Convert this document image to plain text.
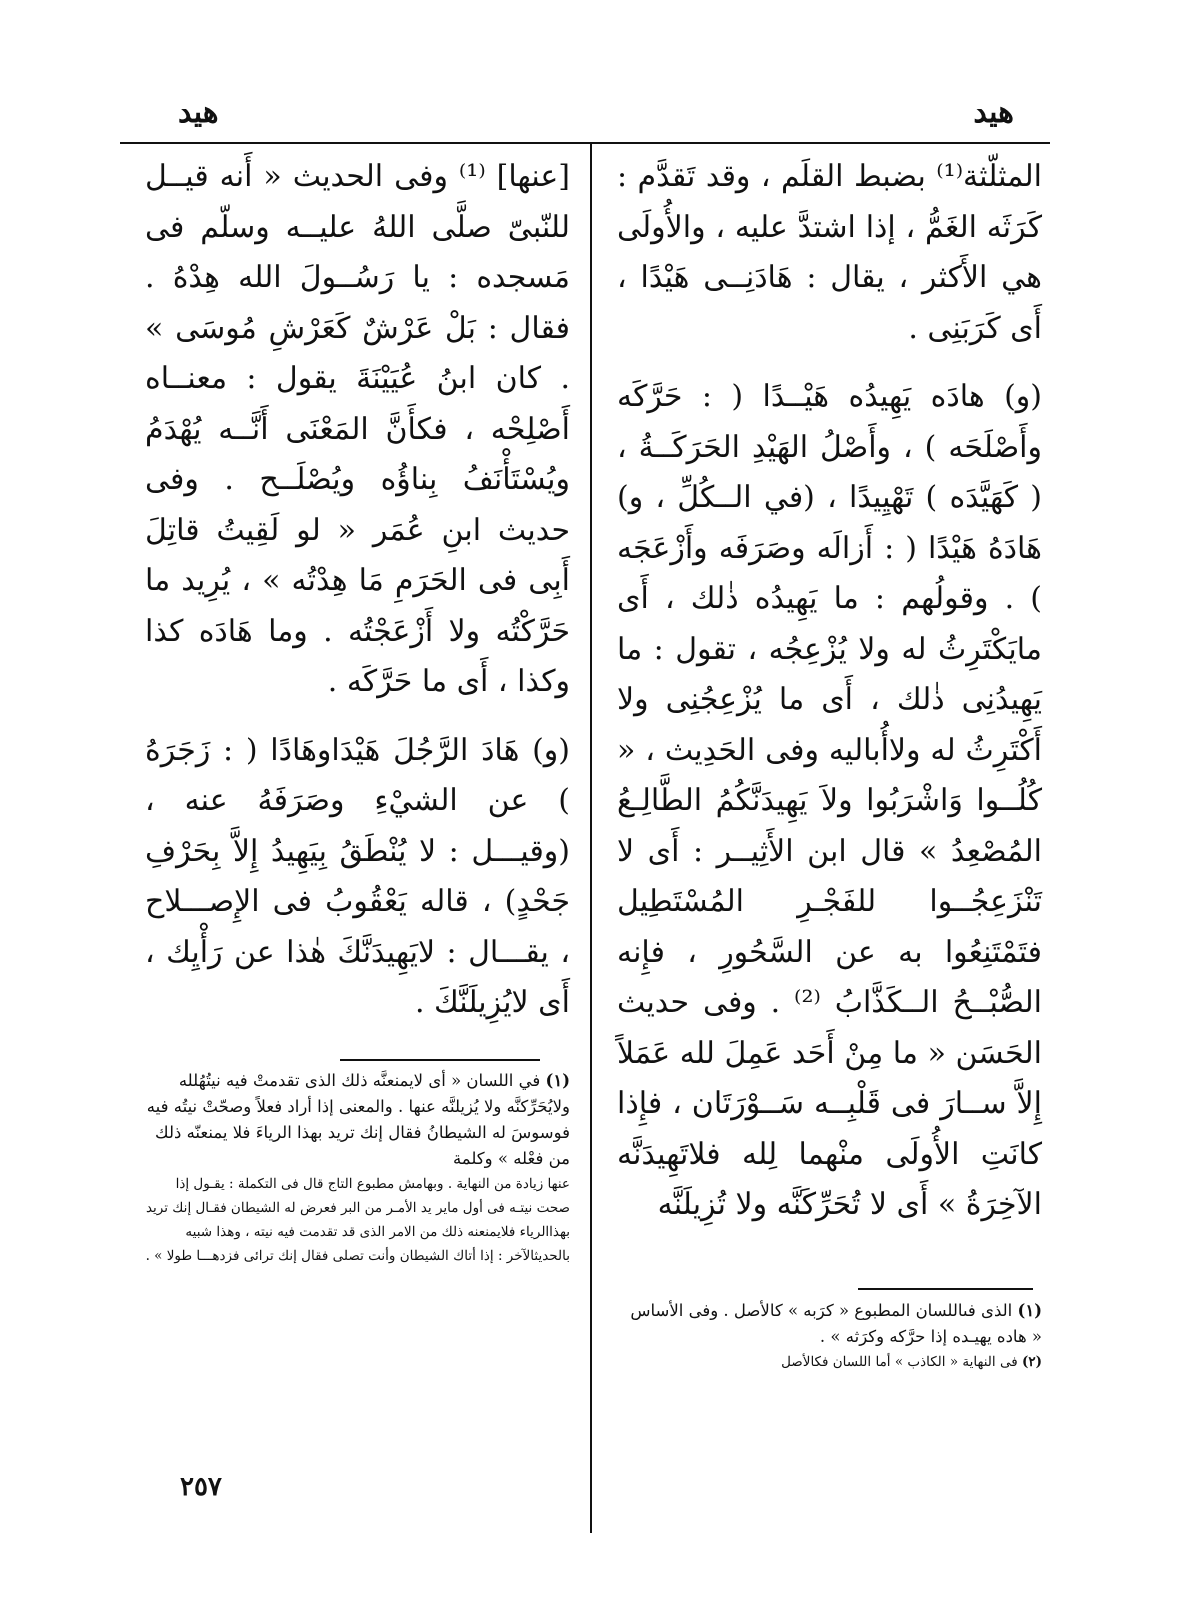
هيد
هيد

المثلّثة⁽¹⁾ بضبط القلَم ، وقد تَقدَّم : كَرَثَه الغَمُّ ، إذا اشتدَّ عليه ، والأُولَى هي الأَكثر ، يقال : هَادَنِــى هَيْدًا ، أَى كَرَبَنِى .

(و) هادَه يَهِيدُه هَيْــدًا ( : حَرَّكَه وأَصْلَحَه ) ، وأَصْلُ الهَيْدِ الحَرَكَــةُ ، ( كَهَيَّدَه ) تَهْيِيدًا ، (في الــكُلِّ ، و) هَادَهُ هَيْدًا ( : أَزالَه وصَرَفَه وأَزْعَجَه ) . وقولُهم : ما يَهِيدُه ذٰلك ، أَى مايَكْتَرِثُ له ولا يُزْعِجُه ، تقول : ما يَهِيدُنِى ذٰلك ، أَى ما يُزْعِجُنِى ولا أَكْتَرِثُ له ولاأُباليه وفى الحَدِيث ، « كُلُــوا وَاشْرَبُوا ولاَ يَهِيدَنَّكُمُ الطَّالِـعُ المُصْعِدُ » قال ابن الأَثِيــر : أَى لا تَنْزَعِجُــوا للفَجْـرِ المُسْتَطِيل فتَمْتَنِعُوا به عن السَّحُورِ ، فإِنه الصُّبْــحُ الــكَذَّابُ ⁽²⁾ . وفى حديث الحَسَن « ما مِنْ أَحَد عَمِلَ لله عَمَلاً إِلاَّ ســارَ فى قَلْبِــه سَــوْرَتَان ، فإِذا كانَتِ الأُولَى منْهما لِله فلاتَهِيدَنَّه الآخِرَةُ » أَى لا تُحَرِّكَنَّه ولا تُزِيلَنَّه

[عنها] ⁽¹⁾ وفى الحديث « أَنه قيــل للنّبىّ صلَّى اللهُ عليــه وسلّم فى مَسجده : يا رَسُــولَ الله هِدْهُ . فقال : بَلْ عَرْشٌ كَعَرْشِ مُوسَى » . كان ابنُ عُيَيْنَةَ يقول : معنــاه أَصْلِحْه ، فكأَنَّ المَعْنَى أَنَّــه يُهْدَمُ ويُسْتَأْنَفُ بِناؤُه ويُصْلَــح . وفى حديث ابنِ عُمَر « لو لَقِيتُ قاتِلَ أَبِى فى الحَرَمِ مَا هِدْتُه » ، يُرِيد ما حَرَّكْتُه ولا أَزْعَجْتُه . وما هَادَه كذا وكذا ، أَى ما حَرَّكَه .

(و) هَادَ الرَّجُلَ هَيْدَاوهَادًا ( : زَجَرَهُ ) عن الشيْءِ وصَرَفَهُ عنه ، (وقيـــل : لا يُنْطَقُ بِيَهِيدُ إِلاَّ بِحَرْفِ جَحْدٍ) ، قاله يَعْقُوبُ فى الإِصـــلاح ، يقـــال : لايَهِيدَنَّكَ هٰذا عن رَأْيِك ، أَى لايُزِيلَنَّكَ .

(١) في اللسان « أى لايمنعنَّه ذلك الذى تقدمتْ فيه نيتُهُلله ولايُحَرِّكنَّه ولا يُزيلنَّه عنها . والمعنى إذا أراد فعلاً وصحّتْ نيتُه فيه فوسوسَ له الشيطانُ فقال إنك تريد بهذا الرياءَ فلا يمنعنّه ذلك من فعْله » وكلمة

عنها زيادة من النهاية . وبهامش مطبوع التاج قال فى التكملة : يقـول إذا صحت نيتـه فى أول ماير يد الأمـر من البر فعرض له الشيطان فقـال إنك تريد بهذاالرياء فلايمنعنه ذلك من الامر الذى قد تقدمت فيه نيته ، وهذا شبيه بالحديثالآخر : إذا أتاك الشيطان وأنت تصلى فقال إنك ترائى فزدهـــا طولا » .

(١) الذى فىاللسان المطبوع « كرَبه » كالأصل . وفى الأساس « هاده يهيـده إذا حرَّكه وكرَثه » .

(٢) فى النهاية « الكاذب » أما اللسان فكالأصل

٢٥٧
